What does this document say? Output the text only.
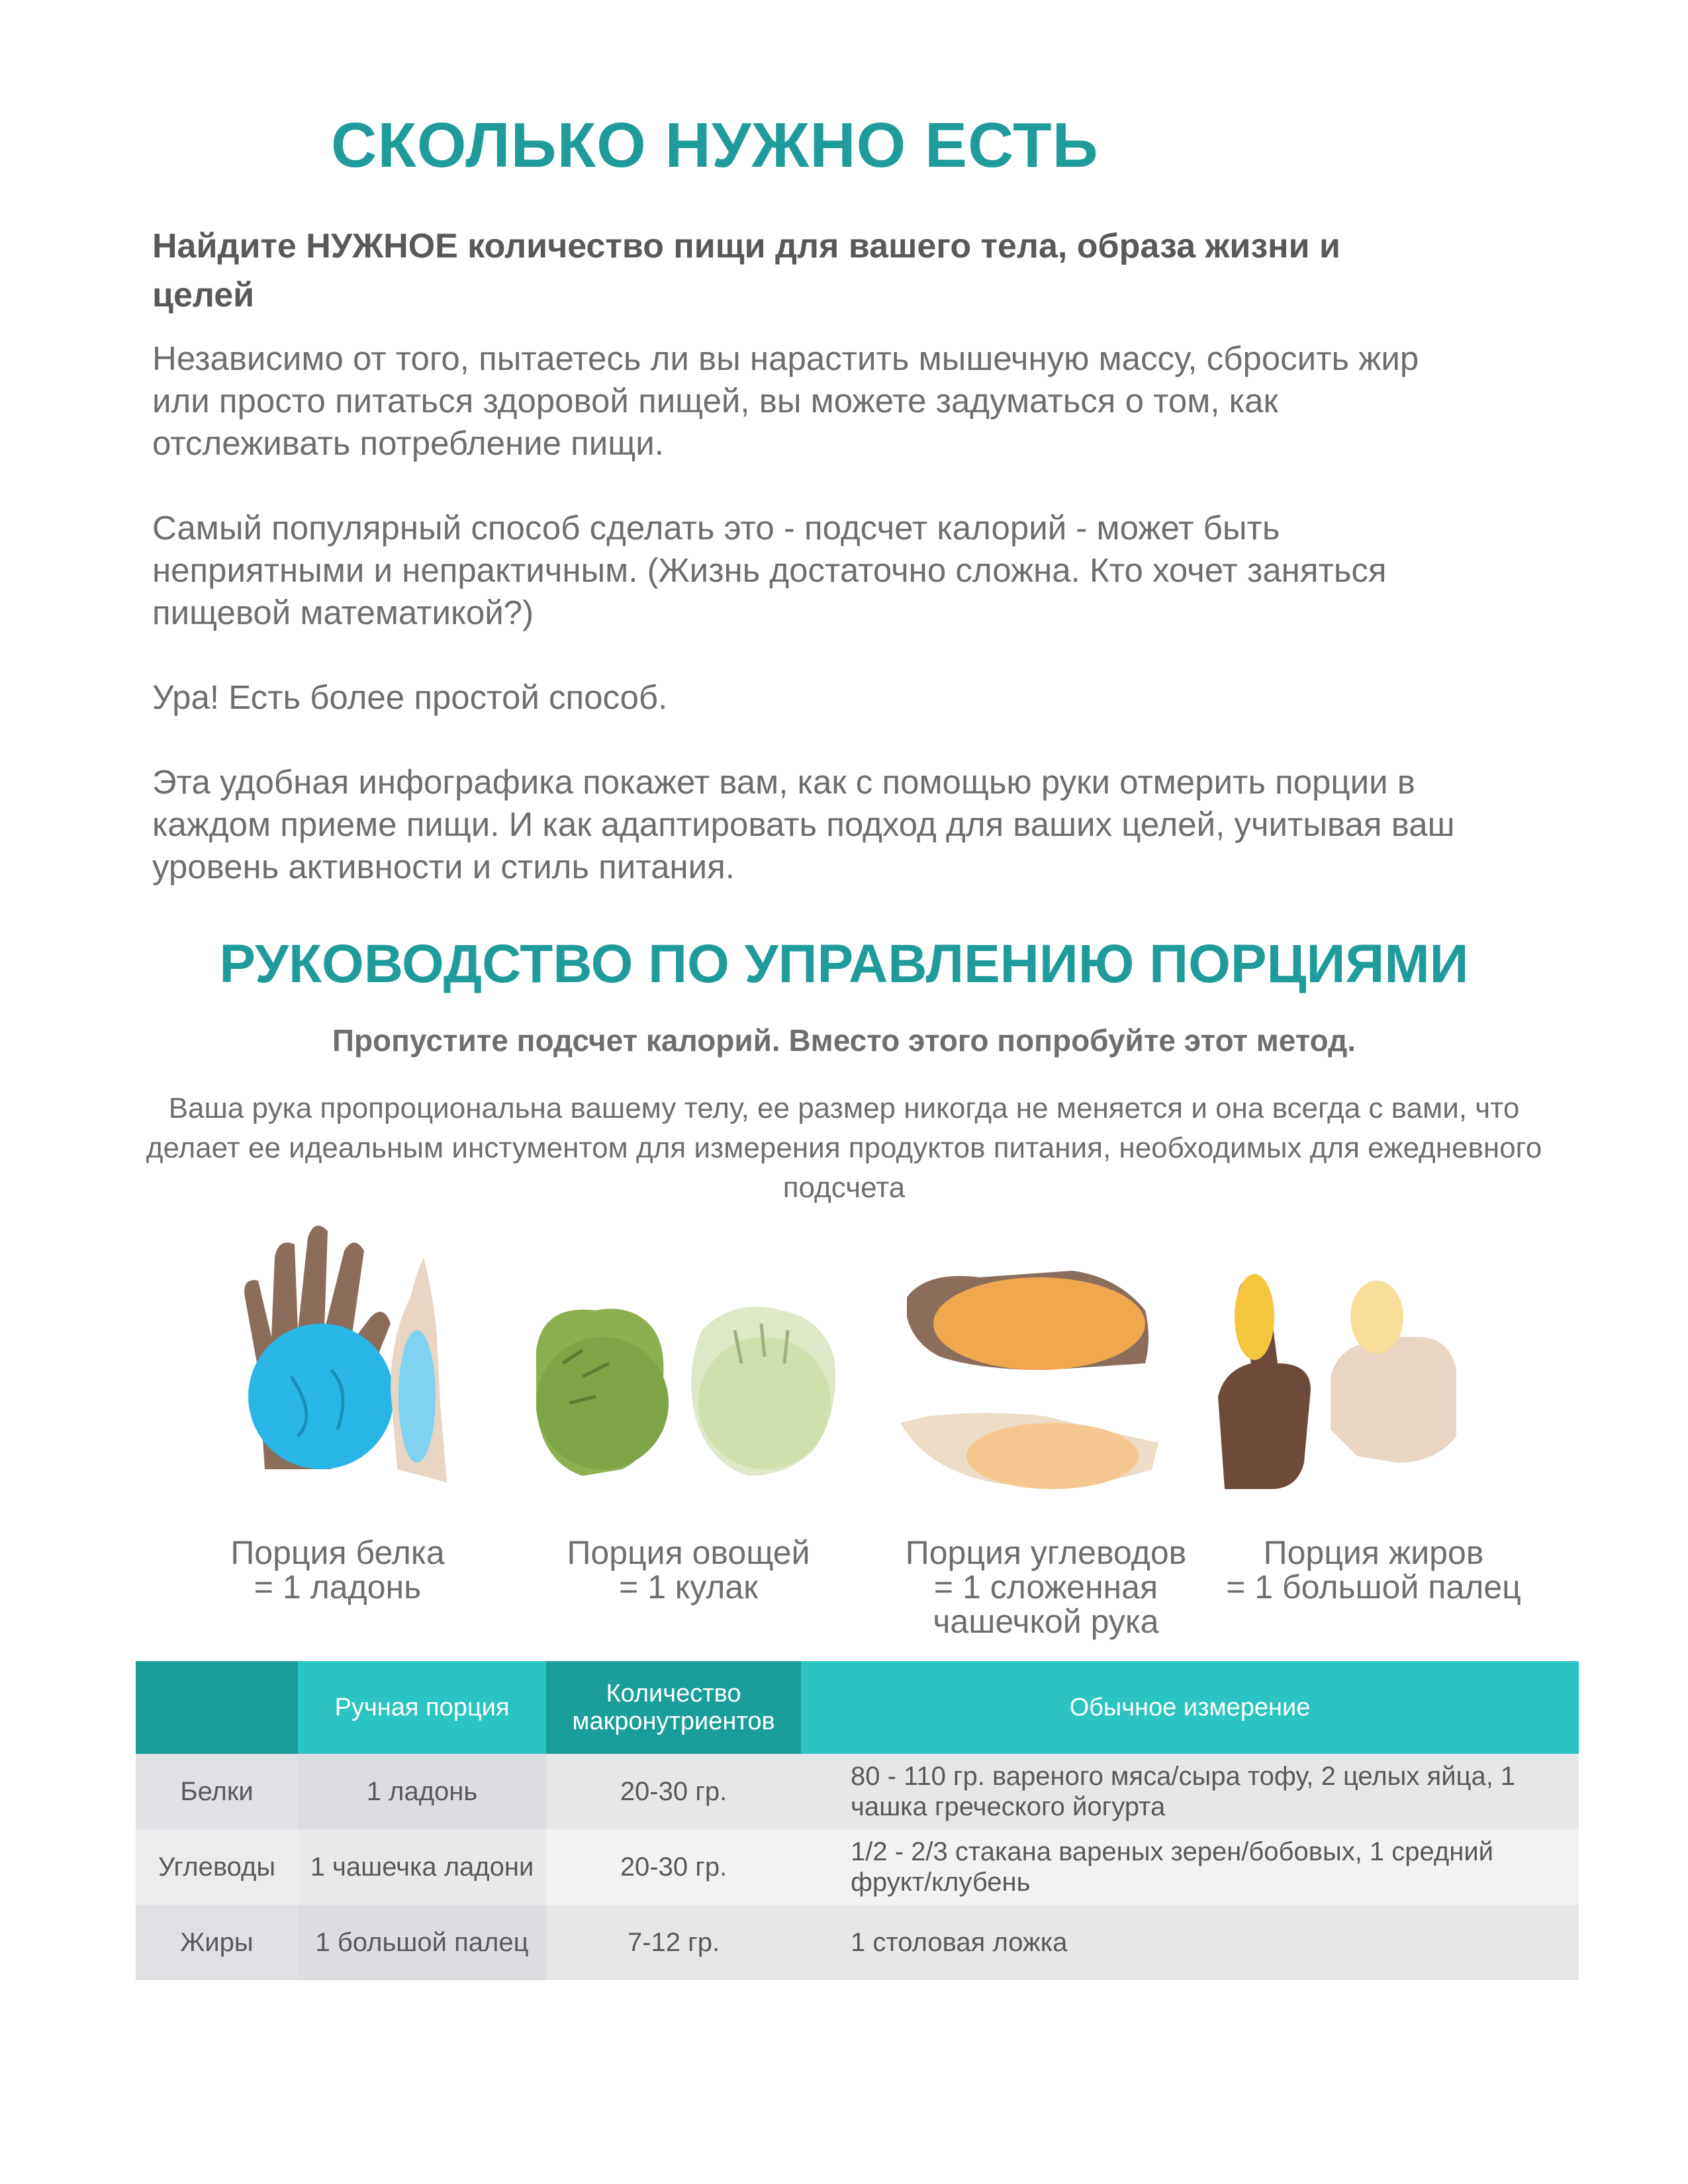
СКОЛЬКО НУЖНО ЕСТЬ
Найдите НУЖНОЕ количество пищи для вашего тела, образа жизни и целей

Независимо от того, пытаетесь ли вы нарастить мышечную массу, сбросить жир или просто питаться здоровой пищей, вы можете задуматься о том, как отслеживать потребление пищи.

Самый популярный способ сделать это - подсчет калорий - может быть неприятными и непрактичным. (Жизнь достаточно сложна. Кто хочет заняться пищевой математикой?)

Ура! Есть более простой способ.

Эта удобная инфографика покажет вам, как с помощью руки отмерить порции в каждом приеме пищи. И как адаптировать подход для ваших целей, учитывая ваш уровень активности и стиль питания.

РУКОВОДСТВО ПО УПРАВЛЕНИЮ ПОРЦИЯМИ

Пропустите подсчет калорий. Вместо этого попробуйте этот метод.

Ваша рука пропроциональна вашему телу, ее размер никогда не меняется и она всегда с вами, что делает ее идеальным инстументом для измерения продуктов питания, необходимых для ежедневного подсчета

Порция белка
= 1 ладонь
Порция овощей
= 1 кулак
Порция углеводов
= 1 сложенная чашечкой рука
Порция жиров
= 1 большой палец
	Ручная порция	Количество макронутриентов	Обычное измерение
Белки	1 ладонь	20-30 гр.	80 - 110 гр. вареного мяса/сыра тофу, 2 целых яйца, 1 чашка греческого йогурта
Углеводы	1 чашечка ладони	20-30 гр.	1/2 - 2/3 стакана вареных зерен/бобовых, 1 средний фрукт/клубень
Жиры	1 большой палец	7-12 гр.	1 столовая ложка
